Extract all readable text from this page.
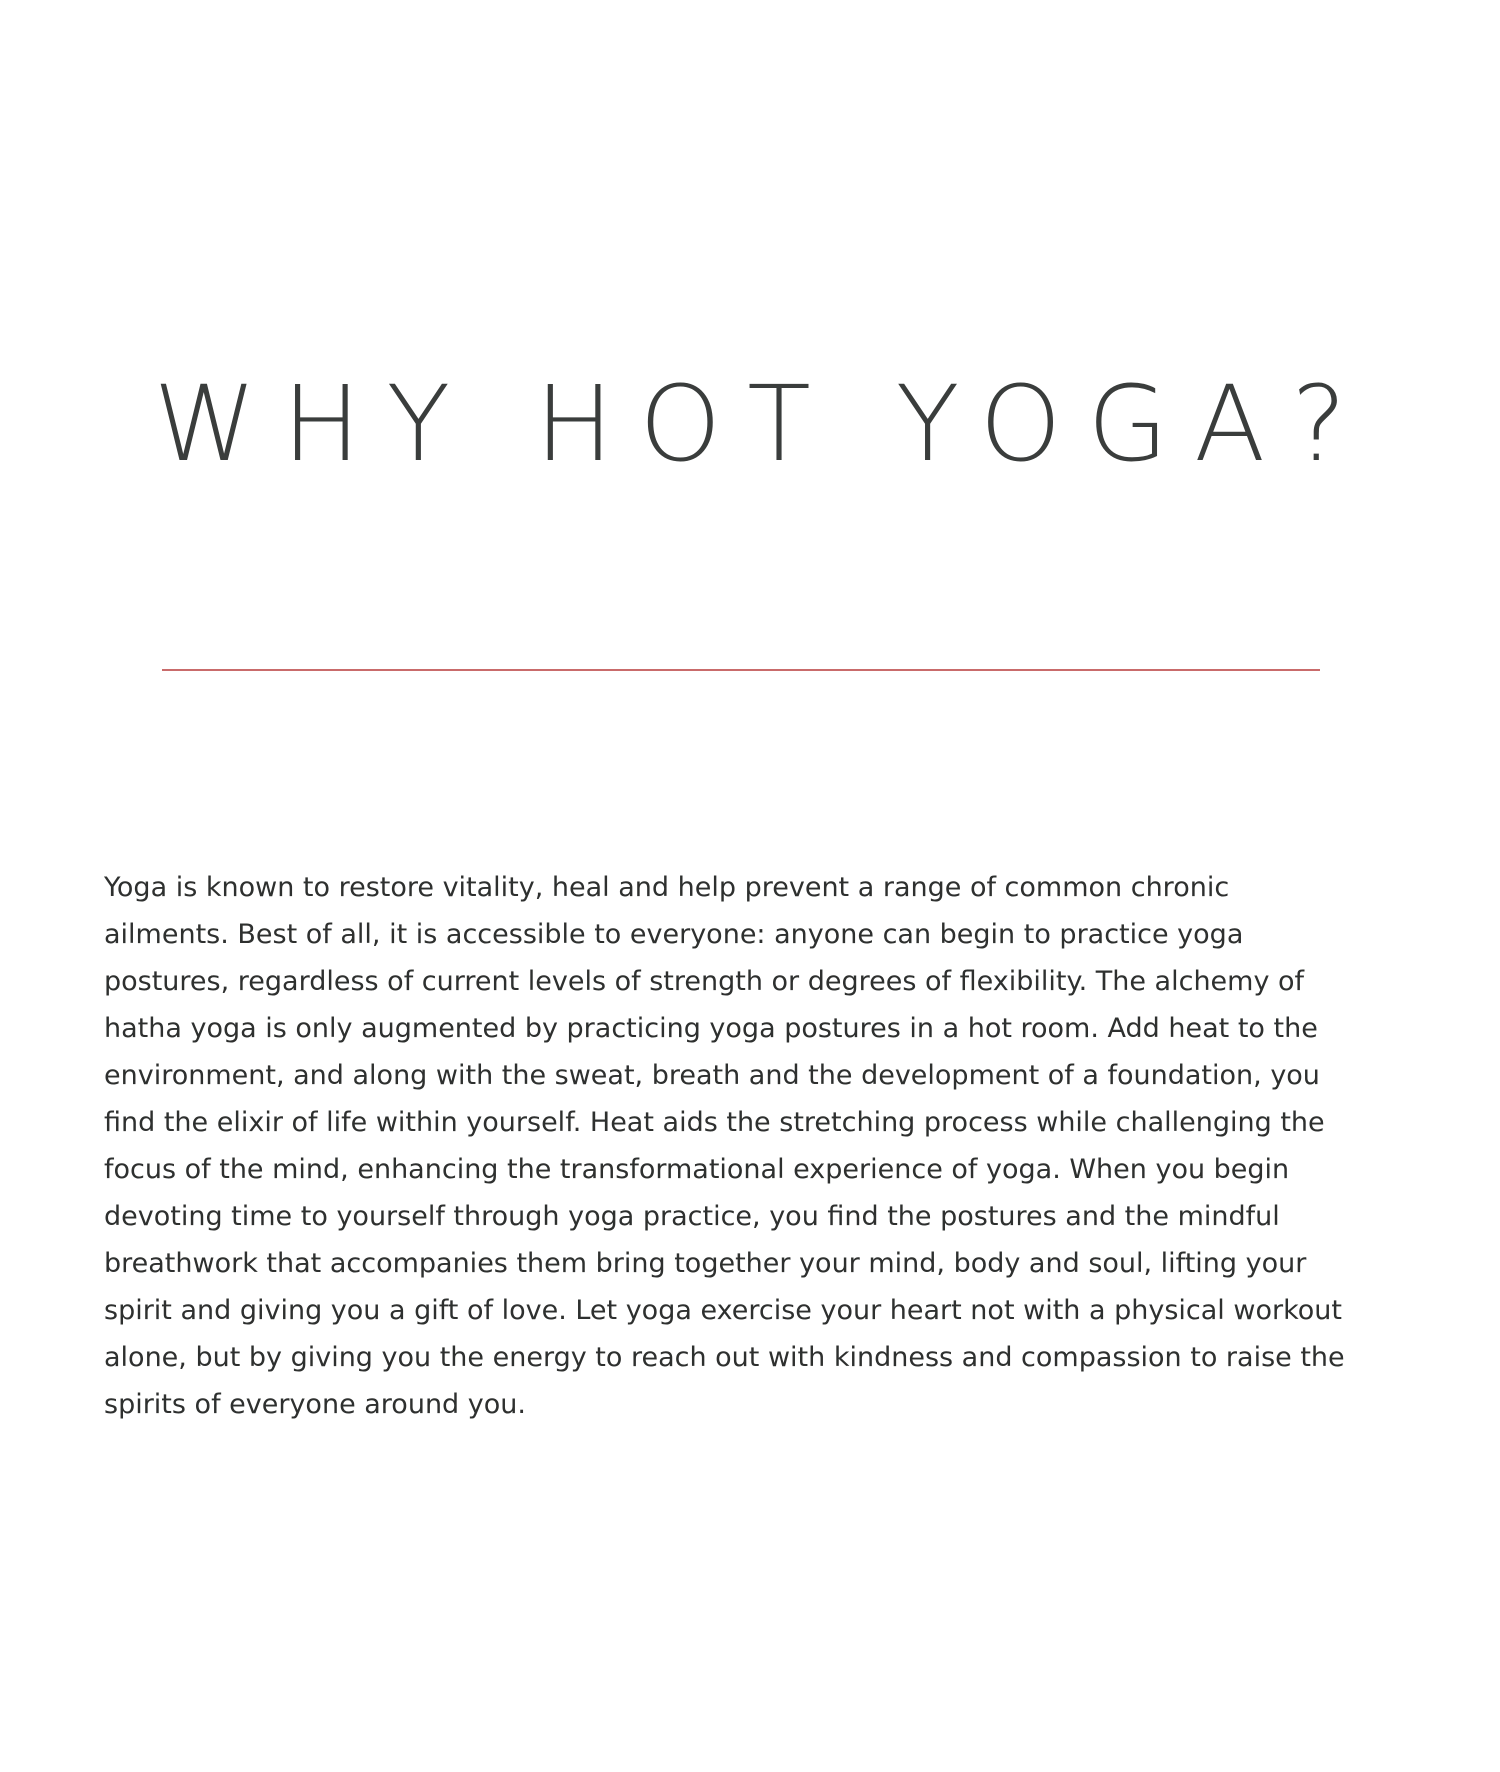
WHY HOT YOGA?

Yoga is known to restore vitality, heal and help prevent a range of common chronic
ailments. Best of all, it is accessible to everyone: anyone can begin to practice yoga
postures, regardless of current levels of strength or degrees of flexibility. The alchemy of
hatha yoga is only augmented by practicing yoga postures in a hot room. Add heat to the
environment, and along with the sweat, breath and the development of a foundation, you
find the elixir of life within yourself. Heat aids the stretching process while challenging the
focus of the mind, enhancing the transformational experience of yoga. When you begin
devoting time to yourself through yoga practice, you find the postures and the mindful
breathwork that accompanies them bring together your mind, body and soul, lifting your
spirit and giving you a gift of love. Let yoga exercise your heart not with a physical workout
alone, but by giving you the energy to reach out with kindness and compassion to raise the
spirits of everyone around you.
